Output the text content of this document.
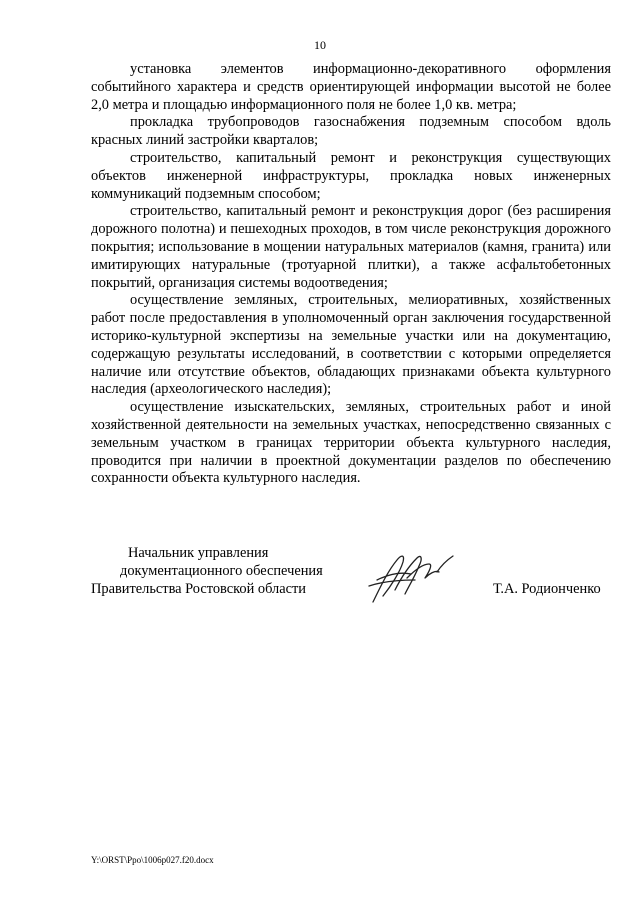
10

установка элементов информационно-декоративного оформления событийного характера и средств ориентирующей информации высотой не более 2,0 метра и площадью информационного поля не более 1,0 кв. метра;

прокладка трубопроводов газоснабжения подземным способом вдоль красных линий застройки кварталов;

строительство, капитальный ремонт и реконструкция существующих объектов инженерной инфраструктуры, прокладка новых инженерных коммуникаций подземным способом;

строительство, капитальный ремонт и реконструкция дорог (без расширения дорожного полотна) и пешеходных проходов, в том числе реконструкция дорожного покрытия; использование в мощении натуральных материалов (камня, гранита) или имитирующих натуральные (тротуарной плитки), а также асфальтобетонных покрытий, организация системы водоотведения;

осуществление земляных, строительных, мелиоративных, хозяйственных работ после предоставления в уполномоченный орган заключения государственной историко-культурной экспертизы на земельные участки или на документацию, содержащую результаты исследований, в соответствии с которыми определяется наличие или отсутствие объектов, обладающих признаками объекта культурного наследия (археологического наследия);

осуществление изыскательских, земляных, строительных работ и иной хозяйственной деятельности на земельных участках, непосредственно связанных с земельным участком в границах территории объекта культурного наследия, проводится при наличии в проектной документации разделов по обеспечению сохранности объекта культурного наследия.

Начальник управления
документационного обеспечения
Правительства Ростовской области	Т.А. Родионченко
Y:\ORST\Ppo\1006p027.f20.docx
